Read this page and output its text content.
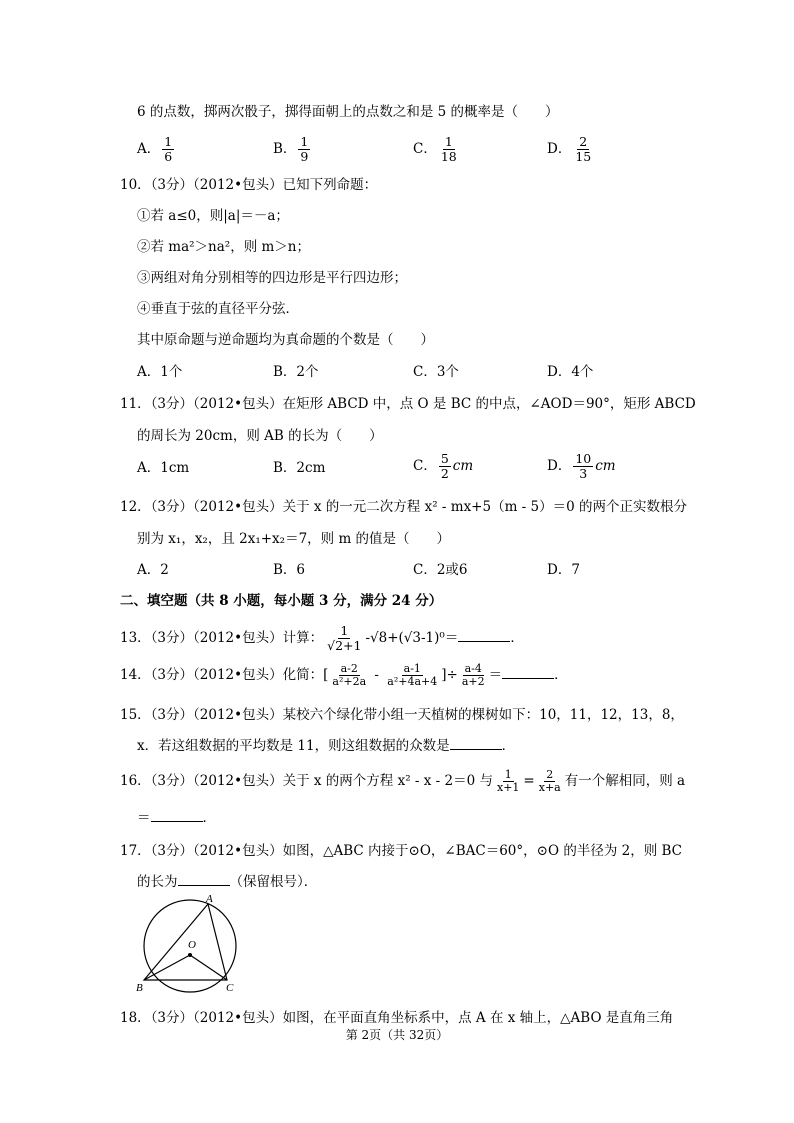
6 的点数，掷两次骰子，掷得面朝上的点数之和是 5 的概率是（　　）
A． $\frac{1}{6}$	B． $\frac{1}{9}$	C． $\frac{1}{18}$	D． $\frac{2}{15}$
10．（3分）（2012•包头）已知下列命题：
①若 a≤0，则|a|＝－a；
②若 ma²＞na²，则 m＞n；
③两组对角分别相等的四边形是平行四边形；
④垂直于弦的直径平分弦．
其中原命题与逆命题均为真命题的个数是（　　）
A．1个	B．2个	C．3个	D．4个
11．（3分）（2012•包头）在矩形 ABCD 中，点 O 是 BC 的中点，∠AOD＝90°，矩形 ABCD
的周长为 20cm，则 AB 的长为（　　）
A．1cm	B．2cm	C． $\frac{5}{2}$ cm	D． $\frac{10}{3}$ cm
12．（3分）（2012•包头）关于 x 的一元二次方程 x² - mx+5（m - 5）＝0 的两个正实数根分
别为 x₁，x₂，且 2x₁+x₂＝7，则 m 的值是（　　）
A．2	B．6	C．2或6	D．7
二、填空题（共 8 小题，每小题 3 分，满分 24 分）
13．（3分）（2012•包头）计算： $\frac{1}{√2+1} -√8+(√3-1)^0=$	．
14．（3分）（2012•包头）化简：[ $\frac{a-2}{\text{a²+2a}} - \frac{a-1}{\text{a²+4a+4}}$ ]÷ $\frac{a-4}{a+2}$ ＝	．
15．（3分）（2012•包头）某校六个绿化带小组一天植树的棵树如下：10，11，12，13，8，
x．若这组数据的平均数是 11，则这组数据的众数是	．
16．（3分）（2012•包头）关于 x 的两个方程 x² - x - 2＝0 与 $\frac{1}{x+1} = \frac{2}{x+a}$ 有一个解相同，则 a
＝	．
17．（3分）（2012•包头）如图，△ABC 内接于⊙O，∠BAC＝60°，⊙O 的半径为 2，则 BC
的长为	（保留根号）．
A
O
B	C
18．（3分）（2012•包头）如图，在平面直角坐标系中，点 A 在 x 轴上，△ABO 是直角三角
第 2页（共 32页）
